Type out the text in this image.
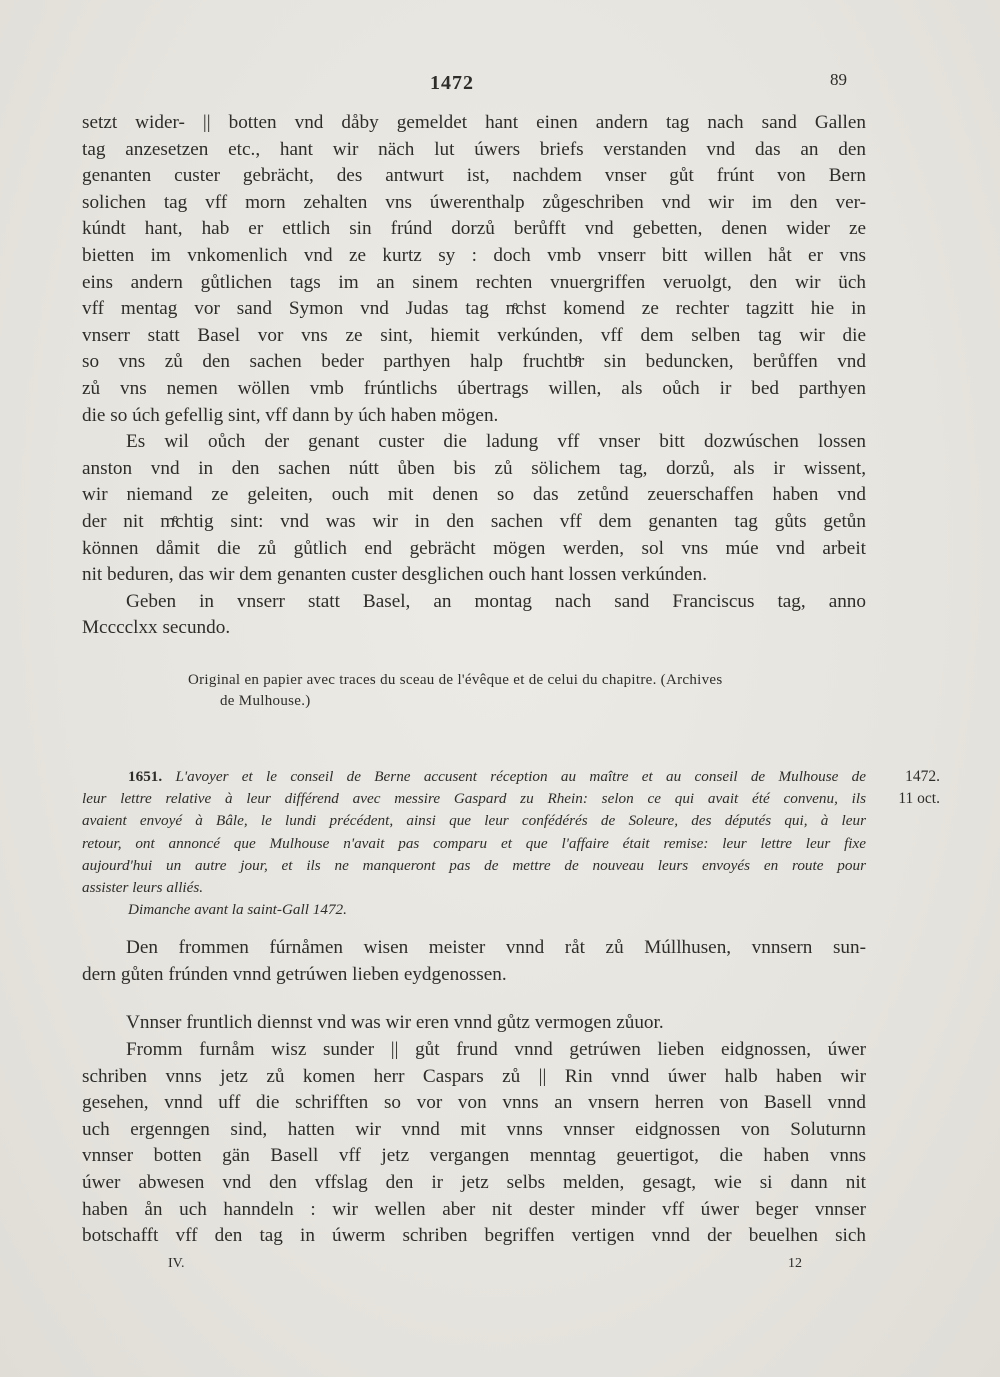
1472	89
setzt wider- || botten vnd dåby gemeldet hant einen andern tag nach sand Gallen
tag anzesetzen etc., hant wir näch lut úwers briefs verstanden vnd das an den
genanten custer gebrächt, des antwurt ist, nachdem vnser gůt frúnt von Bern
solichen tag vff morn zehalten vns úwerenthalp zůgeschriben vnd wir im den ver-
kúndt hant, hab er ettlich sin frúnd dorzů berůfft vnd gebetten, denen wider ze
bietten im vnkomenlich vnd ze kurtz sy : doch vmb vnserr bitt willen håt er vns
eins andern gůtlichen tags im an sinem rechten vnuergriffen veruolgt, den wir üch
vff mentag vor sand Symon vnd Judas tag nͤchst komend ze rechter tagzitt hie in
vnserr statt Basel vor vns ze sint, hiemit verkúnden, vff dem selben tag wir die
so vns zů den sachen beder parthyen halp fruchtbͤr sin beduncken, berůffen vnd
zů vns nemen wöllen vmb frúntlichs úbertrags willen, als oůch ir bed parthyen
die so úch gefellig sint, vff dann by úch haben mögen.
Es wil oůch der genant custer die ladung vff vnser bitt dozwúschen lossen
anston vnd in den sachen nútt ůben bis zů sölichem tag, dorzů, als ir wissent,
wir niemand ze geleiten, ouch mit denen so das zetůnd zeuerschaffen haben vnd
der nit mͤchtig sint: vnd was wir in den sachen vff dem genanten tag gůts getůn
können dåmit die zů gůtlich end gebrächt mögen werden, sol vns múe vnd arbeit
nit beduren, das wir dem genanten custer desglichen ouch hant lossen verkúnden.
Geben in vnserr statt Basel, an montag nach sand Franciscus tag, anno
Mcccclxx secundo.
Original en papier avec traces du sceau de l'évêque et de celui du chapitre. (Archives
de Mulhouse.)
1651. L'avoyer et le conseil de Berne accusent réception au maître et au conseil de Mulhouse de
leur lettre relative à leur différend avec messire Gaspard zu Rhein: selon ce qui avait été convenu, ils
avaient envoyé à Bâle, le lundi précédent, ainsi que leur confédérés de Soleure, des députés qui, à leur
retour, ont annoncé que Mulhouse n'avait pas comparu et que l'affaire était remise: leur lettre leur fixe
aujourd'hui un autre jour, et ils ne manqueront pas de mettre de nouveau leurs envoyés en route pour
assister leurs alliés.
Dimanche avant la saint-Gall 1472.
1472.
11 oct.
Den frommen fúrnåmen wisen meister vnnd råt zů Múllhusen, vnnsern sun-
dern gůten frúnden vnnd getrúwen lieben eydgenossen.
Vnnser fruntlich diennst vnd was wir eren vnnd gůtz vermogen zůuor.
Fromm furnåm wisz sunder || gůt frund vnnd getrúwen lieben eidgnossen, úwer
schriben vnns jetz zů komen herr Caspars zů || Rin vnnd úwer halb haben wir
gesehen, vnnd uff die schrifften so vor von vnns an vnsern herren von Basell vnnd
uch ergenngen sind, hatten wir vnnd mit vnns vnnser eidgnossen von Soluturnn
vnnser botten gän Basell vff jetz vergangen menntag geuertigot, die haben vnns
úwer abwesen vnd den vffslag den ir jetz selbs melden, gesagt, wie si dann nit
haben ån uch hanndeln : wir wellen aber nit dester minder vff úwer beger vnnser
botschafft vff den tag in úwerm schriben begriffen vertigen vnnd der beuelhen sich
IV.	12
